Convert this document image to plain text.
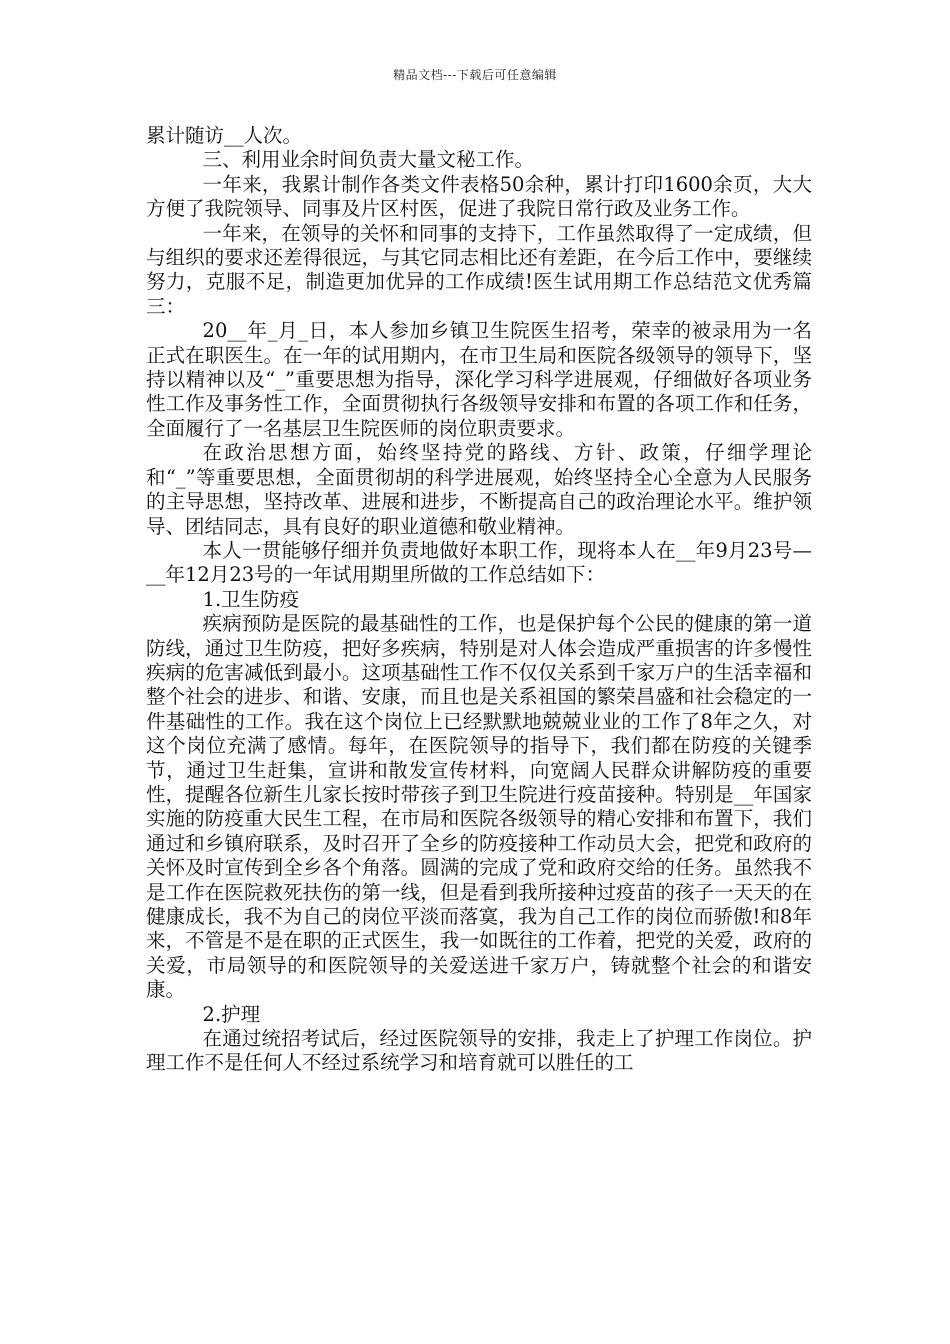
精品文档---下载后可任意编辑

累计随访__人次。

三、利用业余时间负责大量文秘工作。

一年来，我累计制作各类文件表格50余种，累计打印1600余页，大大方便了我院领导、同事及片区村医，促进了我院日常行政及业务工作。

一年来，在领导的关怀和同事的支持下，工作虽然取得了一定成绩，但与组织的要求还差得很远，与其它同志相比还有差距，在今后工作中，要继续努力，克服不足，制造更加优异的工作成绩!医生试用期工作总结范文优秀篇三：

20__年_月_日，本人参加乡镇卫生院医生招考，荣幸的被录用为一名正式在职医生。在一年的试用期内，在市卫生局和医院各级领导的领导下，坚持以精神以及“_”重要思想为指导，深化学习科学进展观，仔细做好各项业务性工作及事务性工作，全面贯彻执行各级领导安排和布置的各项工作和任务，全面履行了一名基层卫生院医师的岗位职责要求。

在政治思想方面，始终坚持党的路线、方针、政策，仔细学理论和“_”等重要思想，全面贯彻胡的科学进展观，始终坚持全心全意为人民服务的主导思想，坚持改革、进展和进步，不断提高自己的政治理论水平。维护领导、团结同志，具有良好的职业道德和敬业精神。

本人一贯能够仔细并负责地做好本职工作，现将本人在__年9月23号—__年12月23号的一年试用期里所做的工作总结如下：

1.卫生防疫

疾病预防是医院的最基础性的工作，也是保护每个公民的健康的第一道防线，通过卫生防疫，把好多疾病，特别是对人体会造成严重损害的许多慢性疾病的危害减低到最小。这项基础性工作不仅仅关系到千家万户的生活幸福和整个社会的进步、和谐、安康，而且也是关系祖国的繁荣昌盛和社会稳定的一件基础性的工作。我在这个岗位上已经默默地兢兢业业的工作了8年之久，对这个岗位充满了感情。每年，在医院领导的指导下，我们都在防疫的关键季节，通过卫生赶集，宣讲和散发宣传材料，向宽阔人民群众讲解防疫的重要性，提醒各位新生儿家长按时带孩子到卫生院进行疫苗接种。特别是__年国家实施的防疫重大民生工程，在市局和医院各级领导的精心安排和布置下，我们通过和乡镇府联系，及时召开了全乡的防疫接种工作动员大会，把党和政府的关怀及时宣传到全乡各个角落。圆满的完成了党和政府交给的任务。虽然我不是工作在医院救死扶伤的第一线，但是看到我所接种过疫苗的孩子一天天的在健康成长，我不为自己的岗位平淡而落寞，我为自己工作的岗位而骄傲!和8年来，不管是不是在职的正式医生，我一如既往的工作着，把党的关爱，政府的关爱，市局领导的和医院领导的关爱送进千家万户，铸就整个社会的和谐安康。

2.护理

在通过统招考试后，经过医院领导的安排，我走上了护理工作岗位。护理工作不是任何人不经过系统学习和培育就可以胜任的工
